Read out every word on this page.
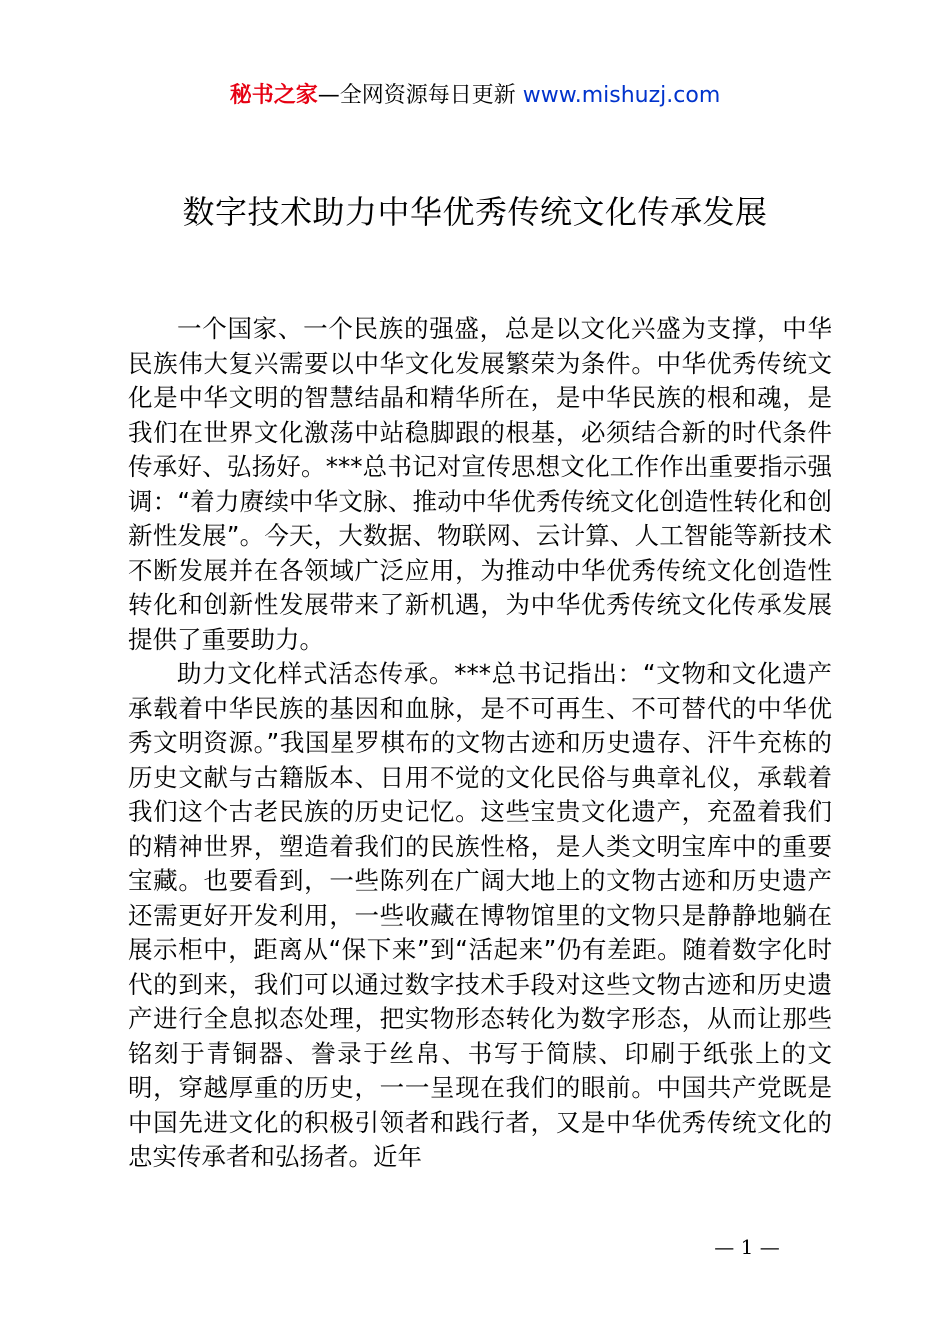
秘书之家—全网资源每日更新 www.mishuzj.com
数字技术助力中华优秀传统文化传承发展

一个国家、一个民族的强盛，总是以文化兴盛为支撑，中华民族伟大复兴需要以中华文化发展繁荣为条件。中华优秀传统文化是中华文明的智慧结晶和精华所在，是中华民族的根和魂，是我们在世界文化激荡中站稳脚跟的根基，必须结合新的时代条件传承好、弘扬好。***总书记对宣传思想文化工作作出重要指示强调：“着力赓续中华文脉、推动中华优秀传统文化创造性转化和创新性发展”。今天，大数据、物联网、云计算、人工智能等新技术不断发展并在各领域广泛应用，为推动中华优秀传统文化创造性转化和创新性发展带来了新机遇，为中华优秀传统文化传承发展提供了重要助力。

助力文化样式活态传承。***总书记指出：“文物和文化遗产承载着中华民族的基因和血脉，是不可再生、不可替代的中华优秀文明资源。”我国星罗棋布的文物古迹和历史遗存、汗牛充栋的历史文献与古籍版本、日用不觉的文化民俗与典章礼仪，承载着我们这个古老民族的历史记忆。这些宝贵文化遗产，充盈着我们的精神世界，塑造着我们的民族性格，是人类文明宝库中的重要宝藏。也要看到，一些陈列在广阔大地上的文物古迹和历史遗产还需更好开发利用，一些收藏在博物馆里的文物只是静静地躺在展示柜中，距离从“保下来”到“活起来”仍有差距。随着数字化时代的到来，我们可以通过数字技术手段对这些文物古迹和历史遗产进行全息拟态处理，把实物形态转化为数字形态，从而让那些铭刻于青铜器、誊录于丝帛、书写于简牍、印刷于纸张上的文明，穿越厚重的历史，一一呈现在我们的眼前。中国共产党既是中国先进文化的积极引领者和践行者，又是中华优秀传统文化的忠实传承者和弘扬者。近年

— 1 —
